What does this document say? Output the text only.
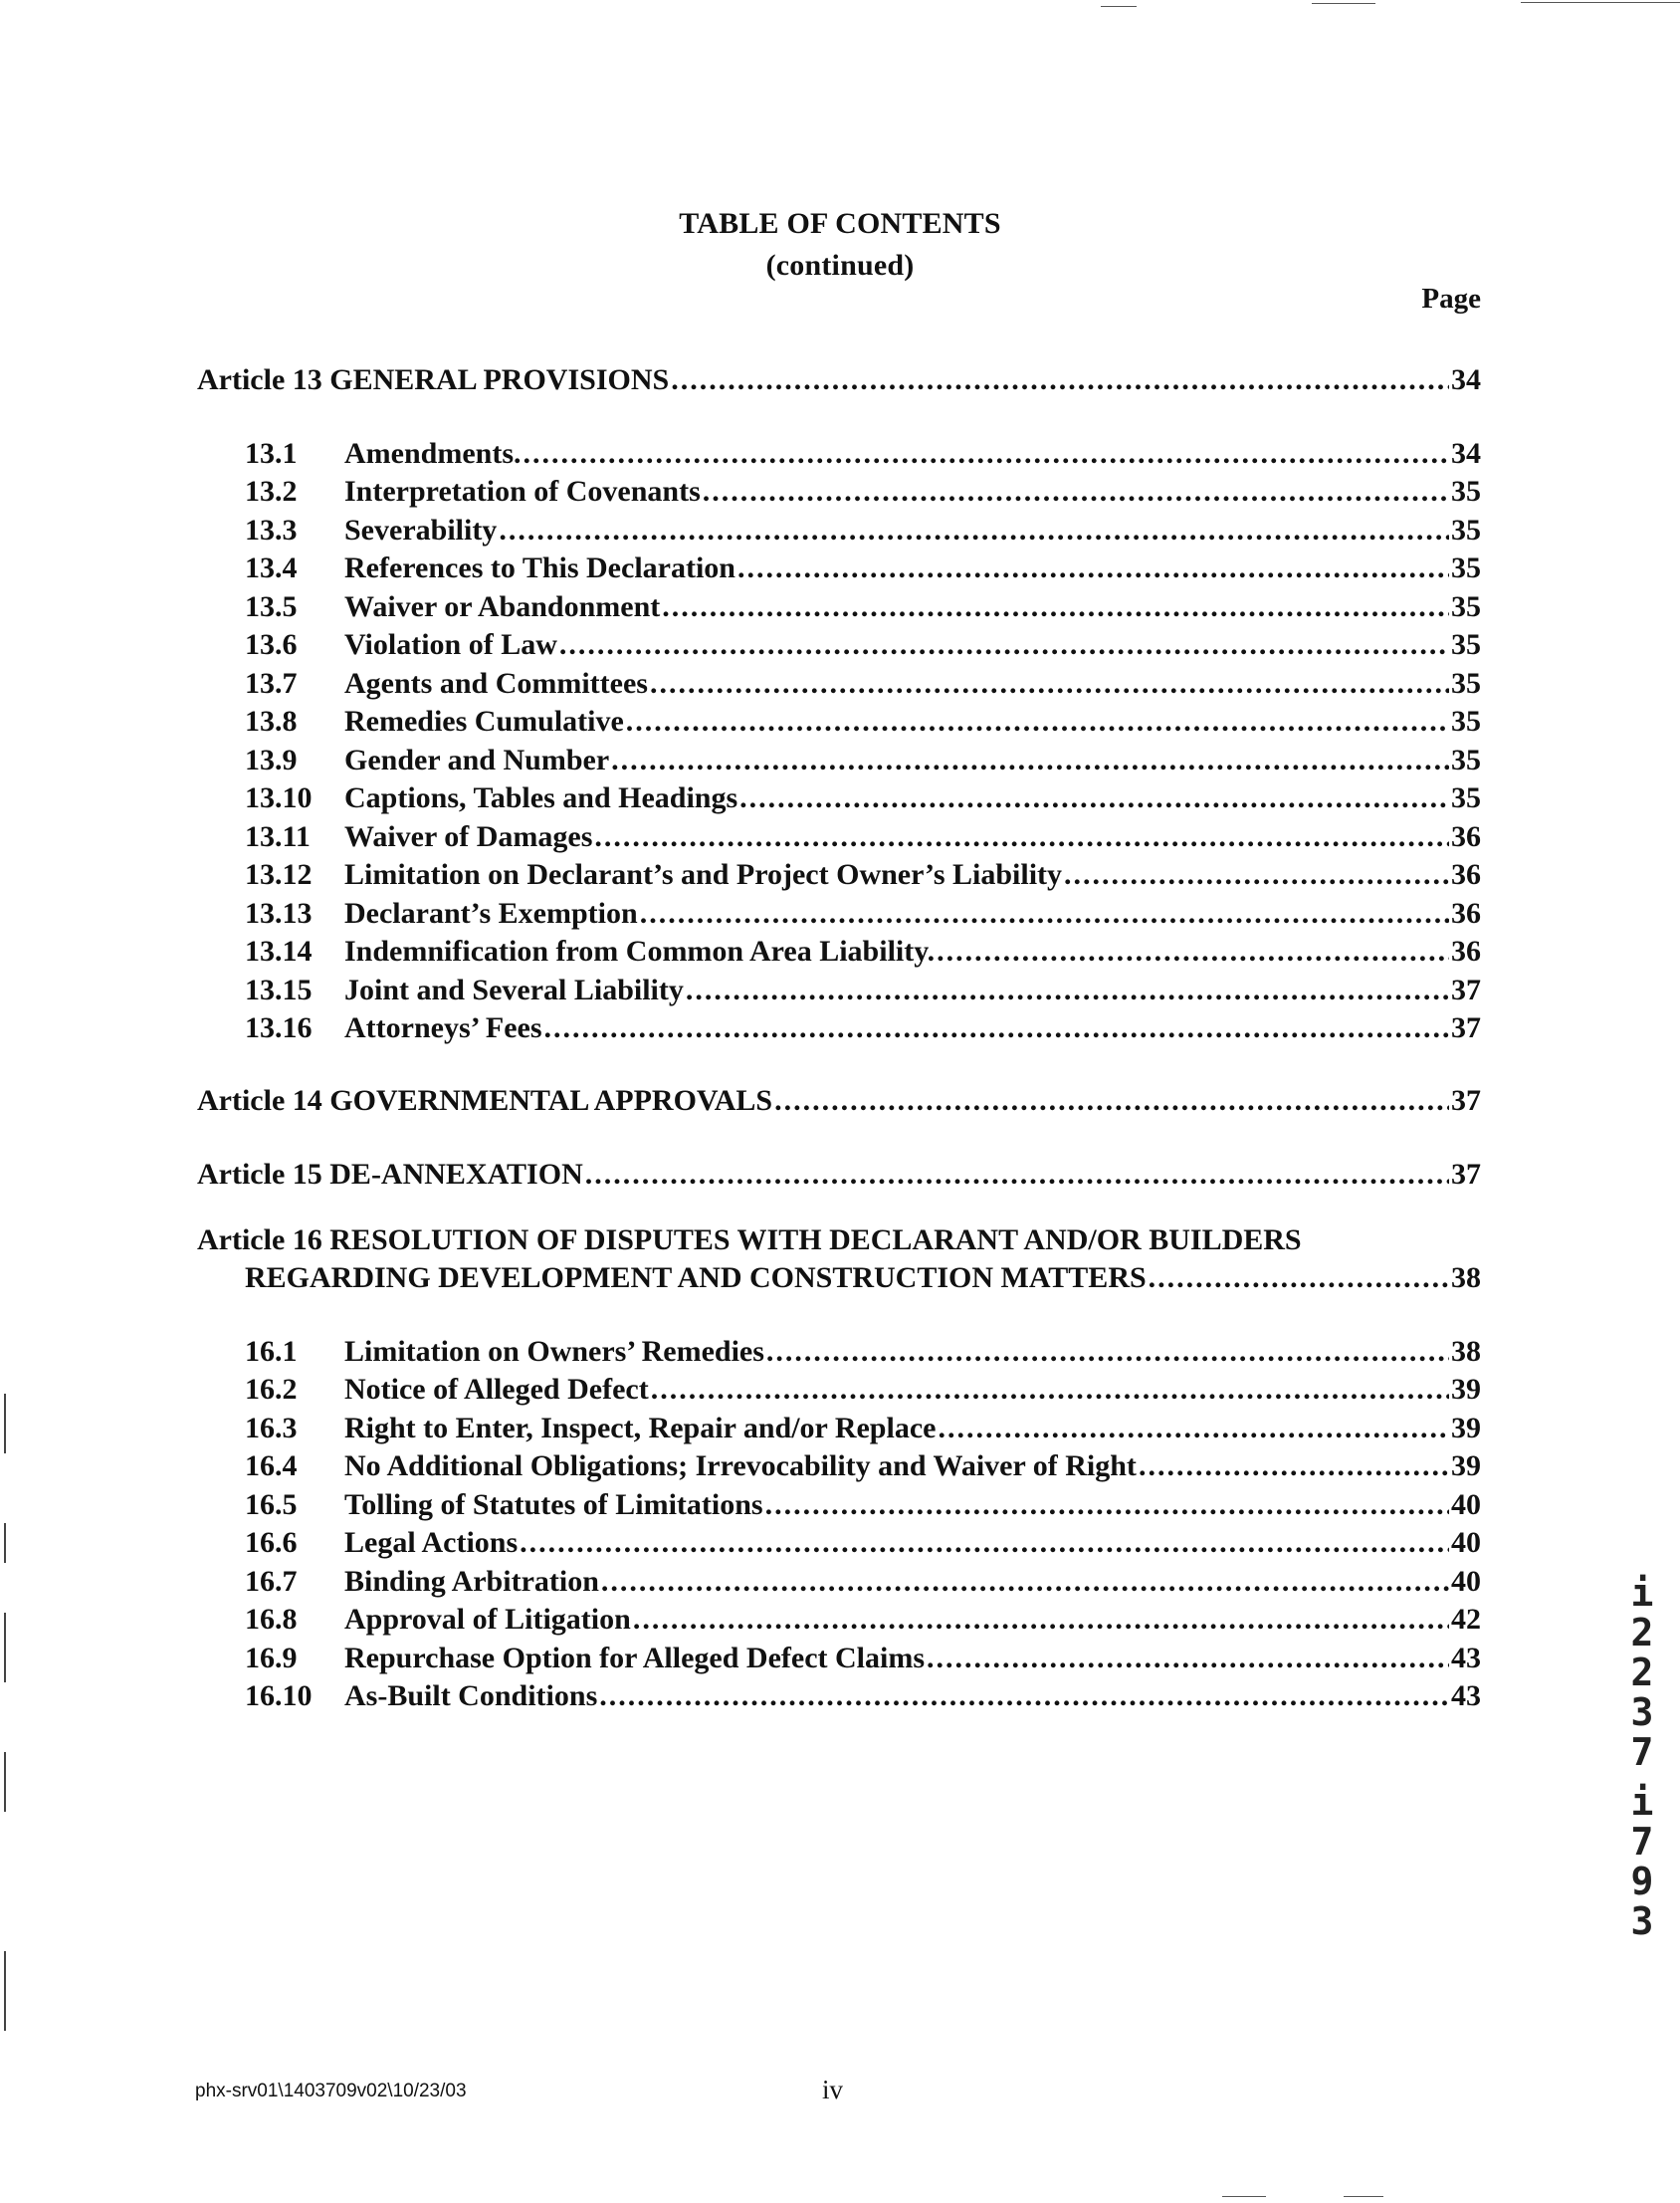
TABLE OF CONTENTS
(continued)
Page
Article 13 GENERAL PROVISIONS .....	34
13.1	Amendments. .....	34
13.2	Interpretation of Covenants .....	35
13.3	Severability .....	35
13.4	References to This Declaration .....	35
13.5	Waiver or Abandonment .....	35
13.6	Violation of Law .....	35
13.7	Agents and Committees .....	35
13.8	Remedies Cumulative .....	35
13.9	Gender and Number .....	35
13.10	Captions, Tables and Headings .....	35
13.11	Waiver of Damages .....	36
13.12	Limitation on Declarant’s and Project Owner’s Liability .....	36
13.13	Declarant’s Exemption .....	36
13.14	Indemnification from Common Area Liability. .....	36
13.15	Joint and Several Liability .....	37
13.16	Attorneys’ Fees .....	37
Article 14 GOVERNMENTAL APPROVALS .....	37
Article 15 DE-ANNEXATION .....	37
Article 16 RESOLUTION OF DISPUTES WITH DECLARANT AND/OR BUILDERS
REGARDING DEVELOPMENT AND CONSTRUCTION MATTERS .....	38
16.1	Limitation on Owners’ Remedies .....	38
16.2	Notice of Alleged Defect .....	39
16.3	Right to Enter, Inspect, Repair and/or Replace .....	39
16.4	No Additional Obligations; Irrevocability and Waiver of Right .....	39
16.5	Tolling of Statutes of Limitations .....	40
16.6	Legal Actions .....	40
16.7	Binding Arbitration .....	40
16.8	Approval of Litigation .....	42
16.9	Repurchase Option for Alleged Defect Claims .....	43
16.10	As-Built Conditions .....	43
i
2
2
3
7
i
7
9
3
phx-srv01\1403709v02\10/23/03	iv
